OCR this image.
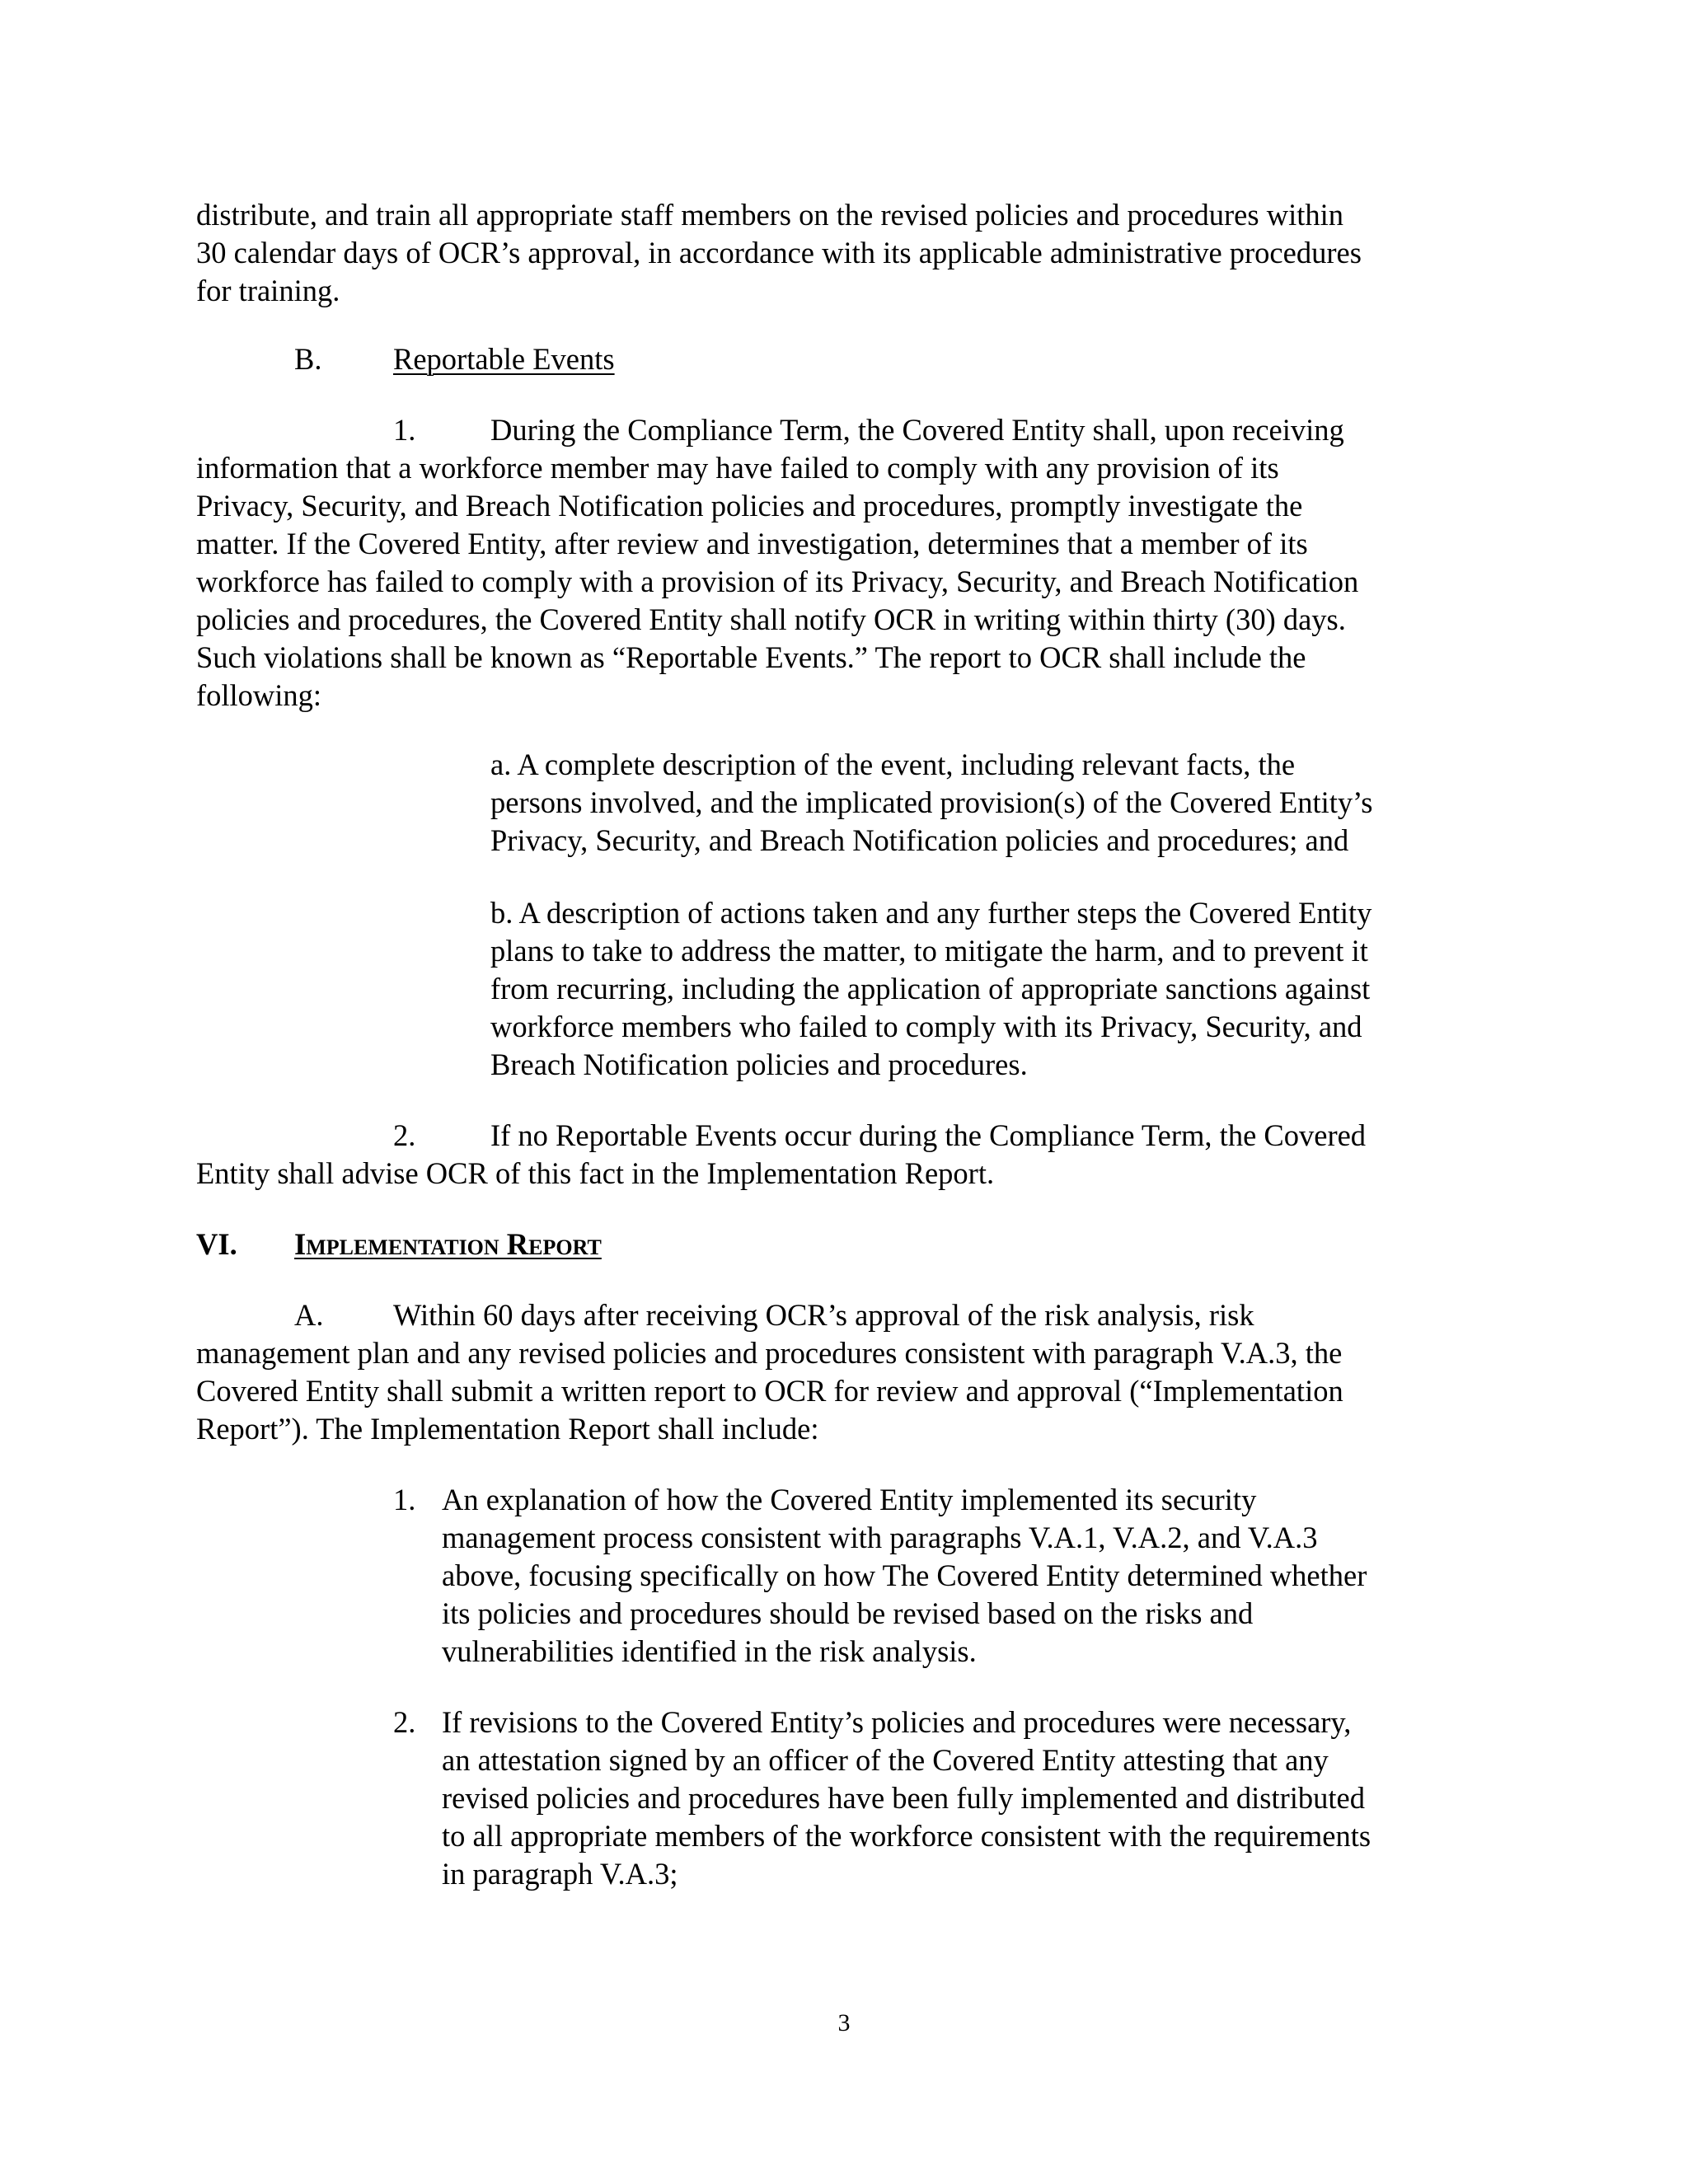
distribute, and train all appropriate staff members on the revised policies and procedures within
30 calendar days of OCR’s approval, in accordance with its applicable administrative procedures
for training.
B. Reportable Events
1. During the Compliance Term, the Covered Entity shall, upon receiving
information that a workforce member may have failed to comply with any provision of its
Privacy, Security, and Breach Notification policies and procedures, promptly investigate the
matter. If the Covered Entity, after review and investigation, determines that a member of its
workforce has failed to comply with a provision of its Privacy, Security, and Breach Notification
policies and procedures, the Covered Entity shall notify OCR in writing within thirty (30) days.
Such violations shall be known as “Reportable Events.” The report to OCR shall include the
following:
a. A complete description of the event, including relevant facts, the
persons involved, and the implicated provision(s) of the Covered Entity’s
Privacy, Security, and Breach Notification policies and procedures; and
b. A description of actions taken and any further steps the Covered Entity
plans to take to address the matter, to mitigate the harm, and to prevent it
from recurring, including the application of appropriate sanctions against
workforce members who failed to comply with its Privacy, Security, and
Breach Notification policies and procedures.
2. If no Reportable Events occur during the Compliance Term, the Covered
Entity shall advise OCR of this fact in the Implementation Report.
VI. Implementation Report
A. Within 60 days after receiving OCR’s approval of the risk analysis, risk
management plan and any revised policies and procedures consistent with paragraph V.A.3, the
Covered Entity shall submit a written report to OCR for review and approval (“Implementation
Report”). The Implementation Report shall include:
1. An explanation of how the Covered Entity implemented its security
management process consistent with paragraphs V.A.1, V.A.2, and V.A.3
above, focusing specifically on how The Covered Entity determined whether
its policies and procedures should be revised based on the risks and
vulnerabilities identified in the risk analysis.
2. If revisions to the Covered Entity’s policies and procedures were necessary,
an attestation signed by an officer of the Covered Entity attesting that any
revised policies and procedures have been fully implemented and distributed
to all appropriate members of the workforce consistent with the requirements
in paragraph V.A.3;
3
